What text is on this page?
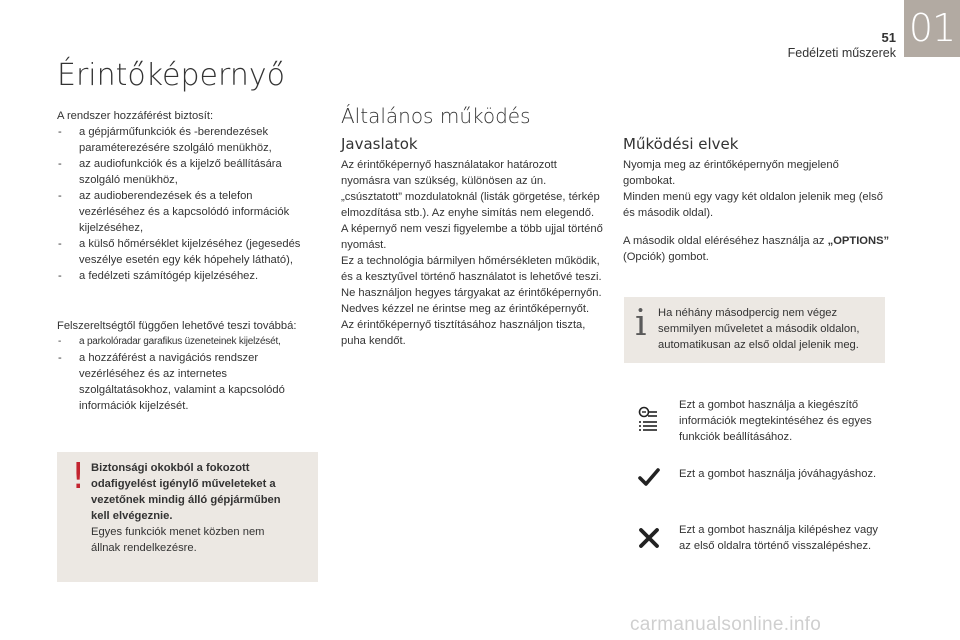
51
Fedélzeti műszerek
01
Érintőképernyő

A rendszer hozzáférést biztosít:

- a gépjárműfunkciók és -berendezések paraméterezésére szolgáló menükhöz,

- az audiofunkciók és a kijelző beállítására szolgáló menükhöz,

- az audioberendezések és a telefon vezérléséhez és a kapcsolódó információk kijelzéséhez,

- a külső hőmérséklet kijelzéséhez (jegesedés veszélye esetén egy kék hópehely látható),

- a fedélzeti számítógép kijelzéséhez.

Felszereltségtől függően lehetővé teszi továbbá:

- a parkolóradar garafikus üzeneteinek kijelzését,

- a hozzáférést a navigációs rendszer vezérléséhez és az internetes szolgáltatásokhoz, valamint a kapcsolódó információk kijelzését.

! Biztonsági okokból a fokozott odafigyelést igénylő műveleteket a vezetőnek mindig álló gépjárműben kell elvégeznie.

Egyes funkciók menet közben nem állnak rendelkezésre.

Általános működés
Javaslatok

Az érintőképernyő használatakor határozott nyomásra van szükség, különösen az ún. „csúsztatott” mozdulatoknál (listák görgetése, térkép elmozdítása stb.). Az enyhe simítás nem elegendő.

A képernyő nem veszi figyelembe a több ujjal történő nyomást.

Ez a technológia bármilyen hőmérsékleten működik, és a kesztyűvel történő használatot is lehetővé teszi.

Ne használjon hegyes tárgyakat az érintőképernyőn.

Nedves kézzel ne érintse meg az érintőképernyőt.

Az érintőképernyő tisztításához használjon tiszta, puha kendőt.

Működési elvek

Nyomja meg az érintőképernyőn megjelenő gombokat.

Minden menü egy vagy két oldalon jelenik meg (első és második oldal).

A második oldal eléréséhez használja az „OPTIONS” (Opciók) gombot.

i Ha néhány másodpercig nem végez semmilyen műveletet a második oldalon, automatikusan az első oldal jelenik meg.
Ezt a gombot használja a kiegészítő információk megtekintéséhez és egyes funkciók beállításához.
Ezt a gombot használja jóváhagyáshoz.
Ezt a gombot használja kilépéshez vagy az első oldalra történő visszalépéshez.
carmanualsonline.info
